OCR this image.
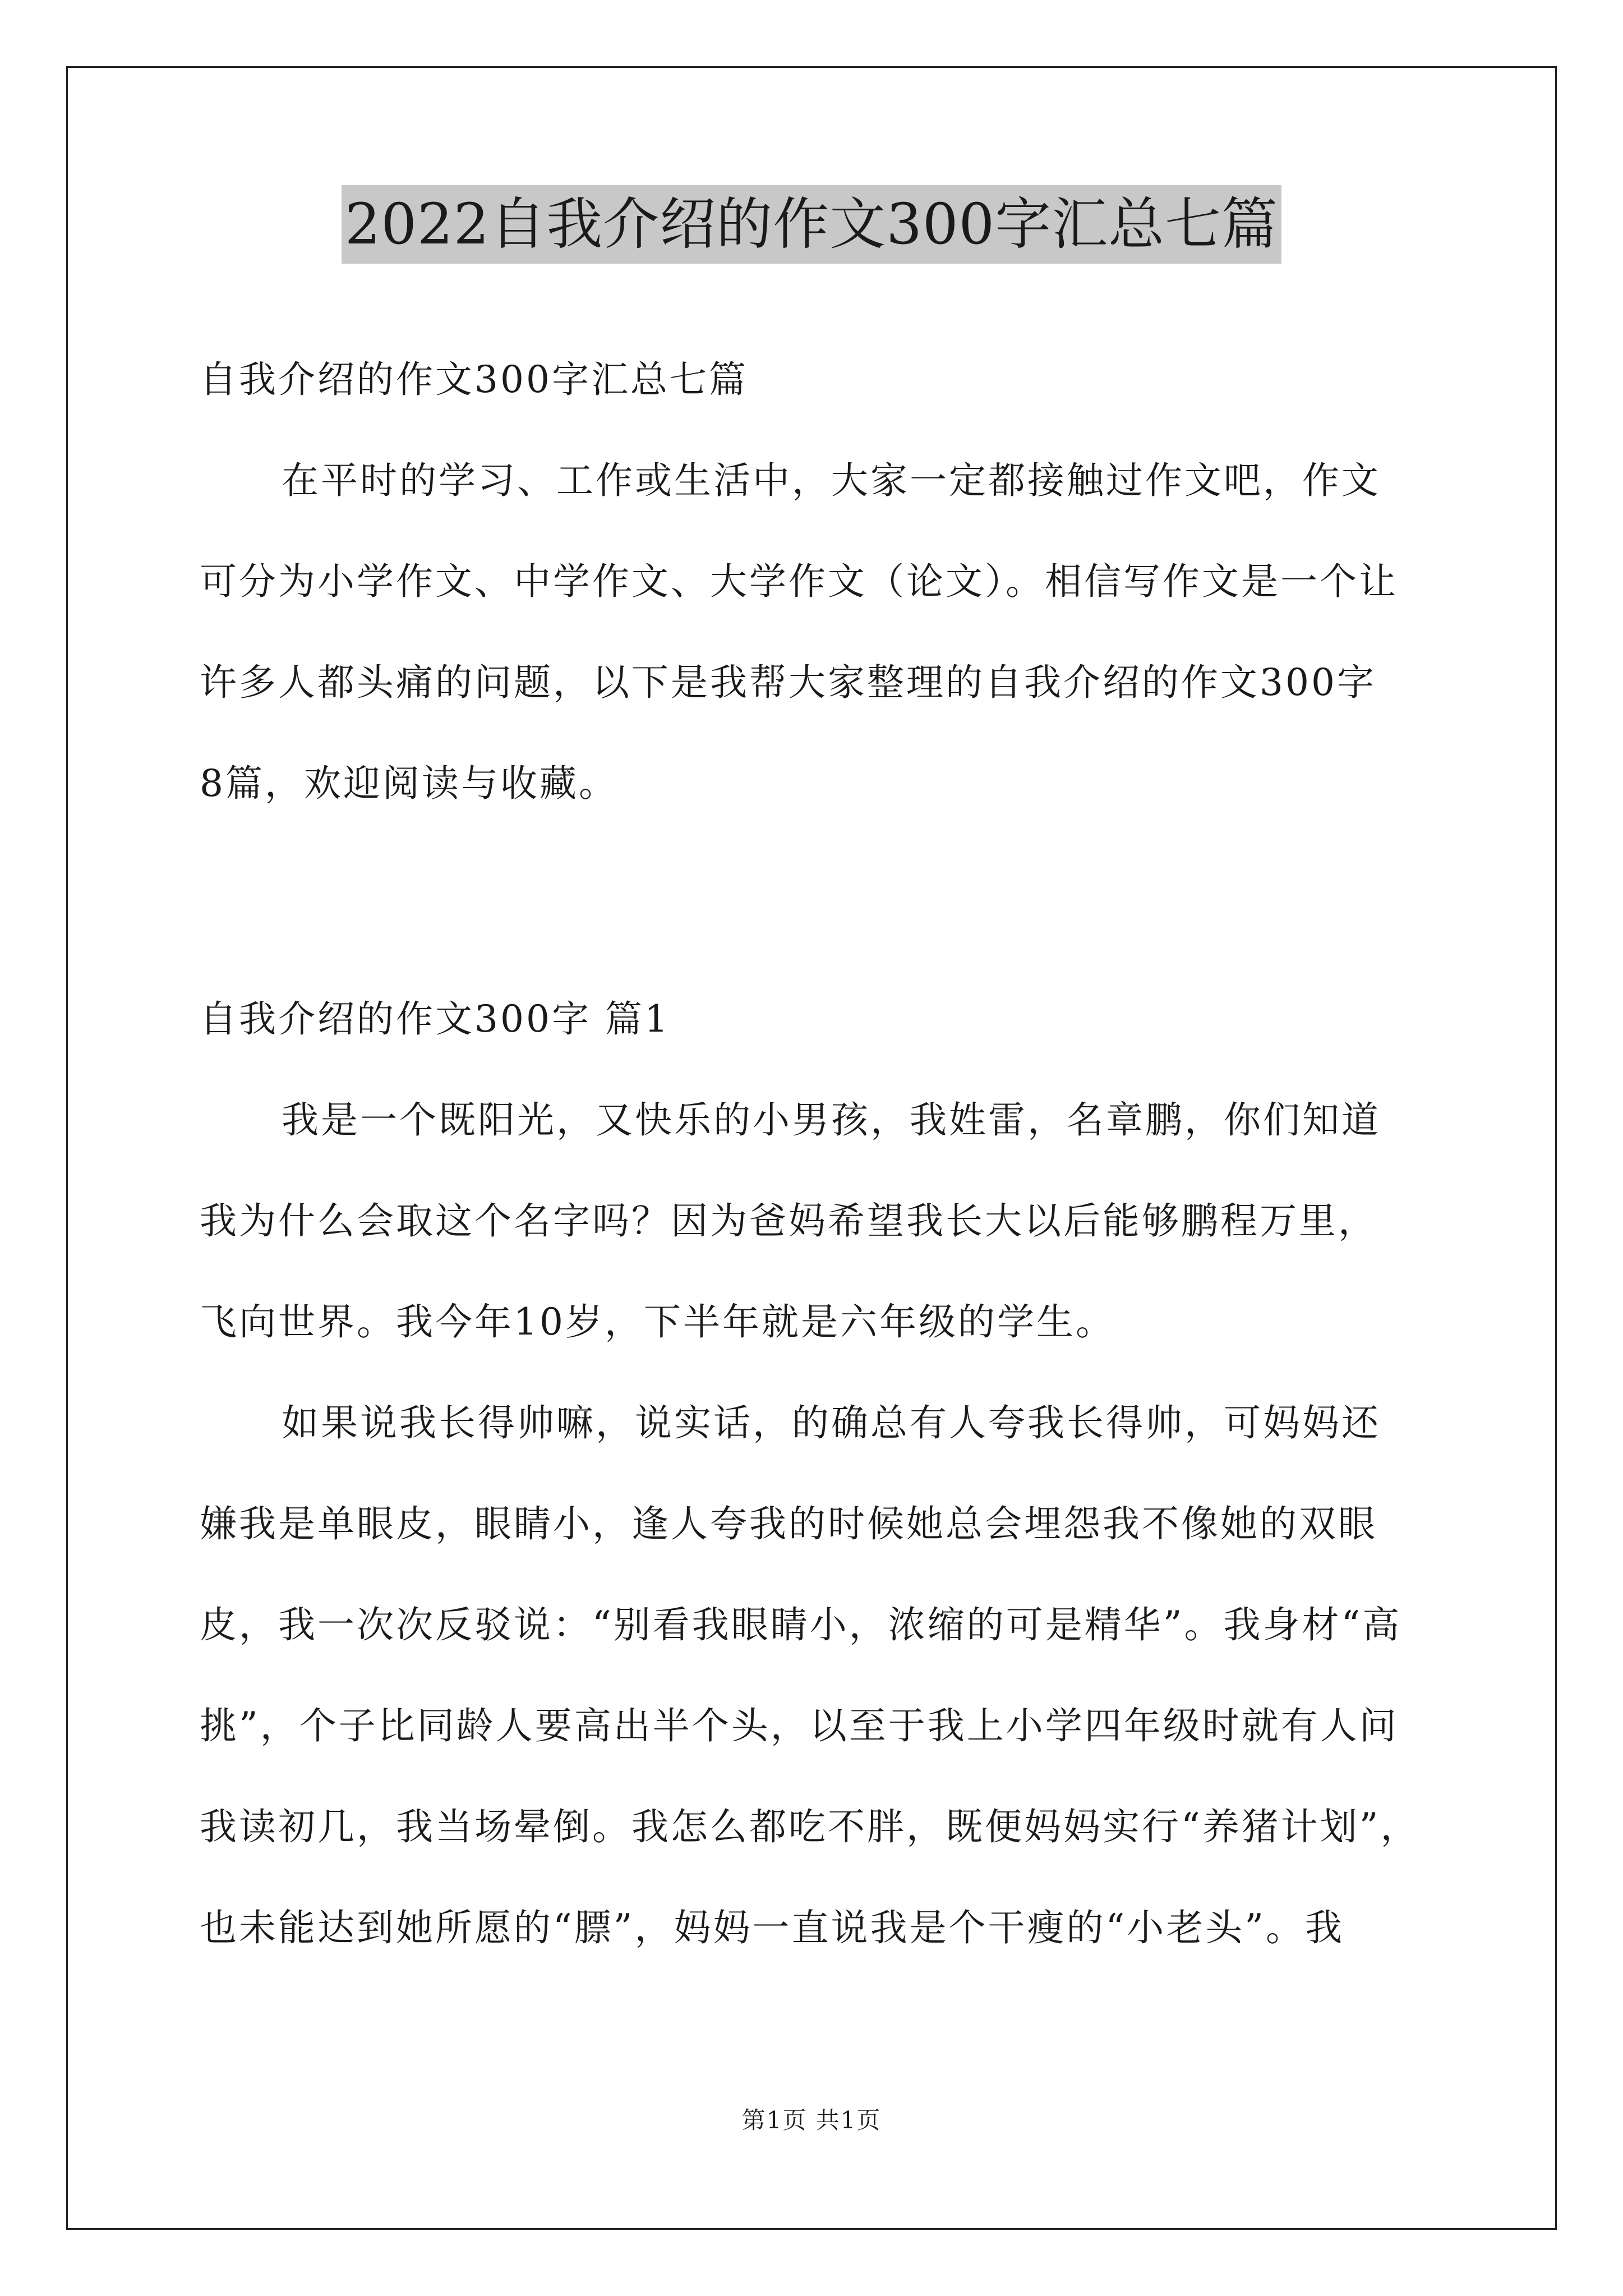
2022自我介绍的作文300字汇总七篇
自我介绍的作文300字汇总七篇
在平时的学习、工作或生活中，大家一定都接触过作文吧，作文
可分为小学作文、中学作文、大学作文（论文）。相信写作文是一个让
许多人都头痛的问题，以下是我帮大家整理的自我介绍的作文300字
8篇，欢迎阅读与收藏。
自我介绍的作文300字 篇1
我是一个既阳光，又快乐的小男孩，我姓雷，名章鹏，你们知道
我为什么会取这个名字吗？因为爸妈希望我长大以后能够鹏程万里，
飞向世界。我今年10岁，下半年就是六年级的学生。
如果说我长得帅嘛，说实话，的确总有人夸我长得帅，可妈妈还
嫌我是单眼皮，眼睛小，逢人夸我的时候她总会埋怨我不像她的双眼
皮，我一次次反驳说：“别看我眼睛小，浓缩的可是精华”。我身材“高
挑”，个子比同龄人要高出半个头，以至于我上小学四年级时就有人问
我读初几，我当场晕倒。我怎么都吃不胖，既便妈妈实行“养猪计划”，
也未能达到她所愿的“膘”，妈妈一直说我是个干瘦的“小老头”。我
第1页 共1页
